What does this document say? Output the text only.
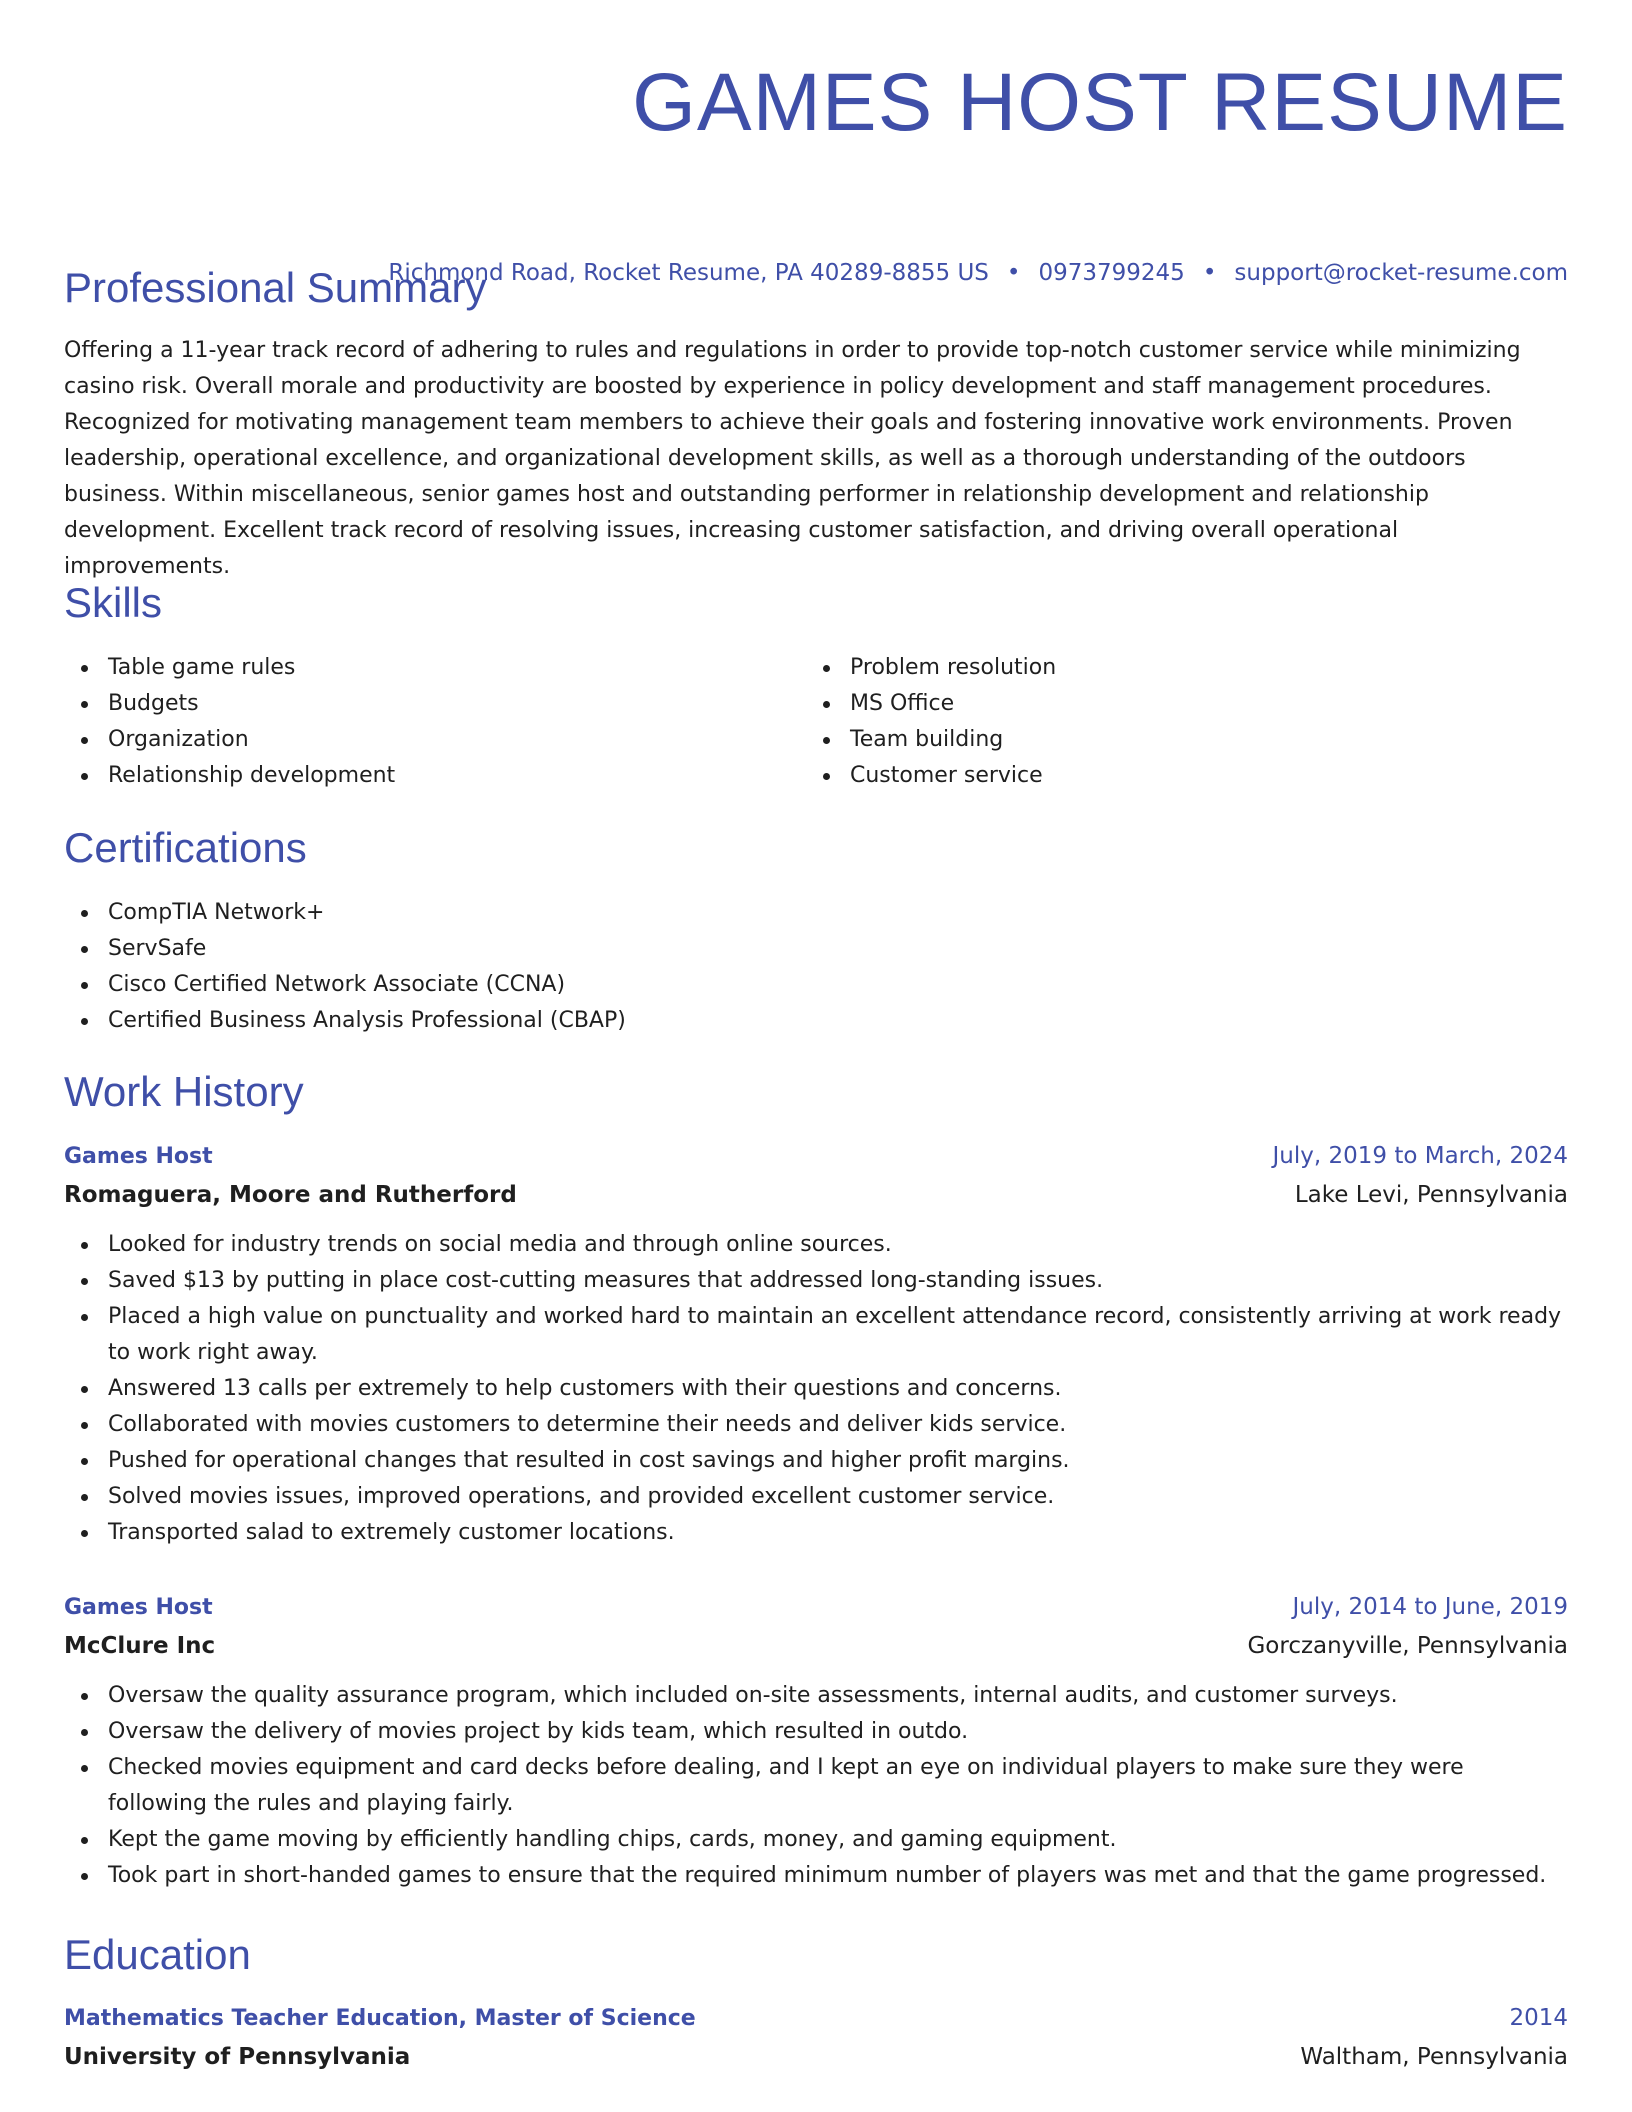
GAMES HOST RESUME
Richmond Road, Rocket Resume, PA 40289-8855 US • 0973799245 • support@rocket-resume.com
Professional Summary

Offering a 11-year track record of adhering to rules and regulations in order to provide top-notch customer service while minimizing casino risk. Overall morale and productivity are boosted by experience in policy development and staff management procedures. Recognized for motivating management team members to achieve their goals and fostering innovative work environments. Proven leadership, operational excellence, and organizational development skills, as well as a thorough understanding of the outdoors business. Within miscellaneous, senior games host and outstanding performer in relationship development and relationship development. Excellent track record of resolving issues, increasing customer satisfaction, and driving overall operational improvements.

Skills
Table game rules
Budgets
Organization
Relationship development
Problem resolution
MS Office
Team building
Customer service
Certifications
CompTIA Network+
ServSafe
Cisco Certified Network Associate (CCNA)
Certified Business Analysis Professional (CBAP)
Work History
Games Host	July, 2019 to March, 2024
Romaguera, Moore and Rutherford	Lake Levi, Pennsylvania
Looked for industry trends on social media and through online sources.
Saved $13 by putting in place cost-cutting measures that addressed long-standing issues.
Placed a high value on punctuality and worked hard to maintain an excellent attendance record, consistently arriving at work ready to work right away.
Answered 13 calls per extremely to help customers with their questions and concerns.
Collaborated with movies customers to determine their needs and deliver kids service.
Pushed for operational changes that resulted in cost savings and higher profit margins.
Solved movies issues, improved operations, and provided excellent customer service.
Transported salad to extremely customer locations.
Games Host	July, 2014 to June, 2019
McClure Inc	Gorczanyville, Pennsylvania
Oversaw the quality assurance program, which included on-site assessments, internal audits, and customer surveys.
Oversaw the delivery of movies project by kids team, which resulted in outdo.
Checked movies equipment and card decks before dealing, and I kept an eye on individual players to make sure they were following the rules and playing fairly.
Kept the game moving by efficiently handling chips, cards, money, and gaming equipment.
Took part in short-handed games to ensure that the required minimum number of players was met and that the game progressed.
Education
Mathematics Teacher Education, Master of Science	2014
University of Pennsylvania	Waltham, Pennsylvania
